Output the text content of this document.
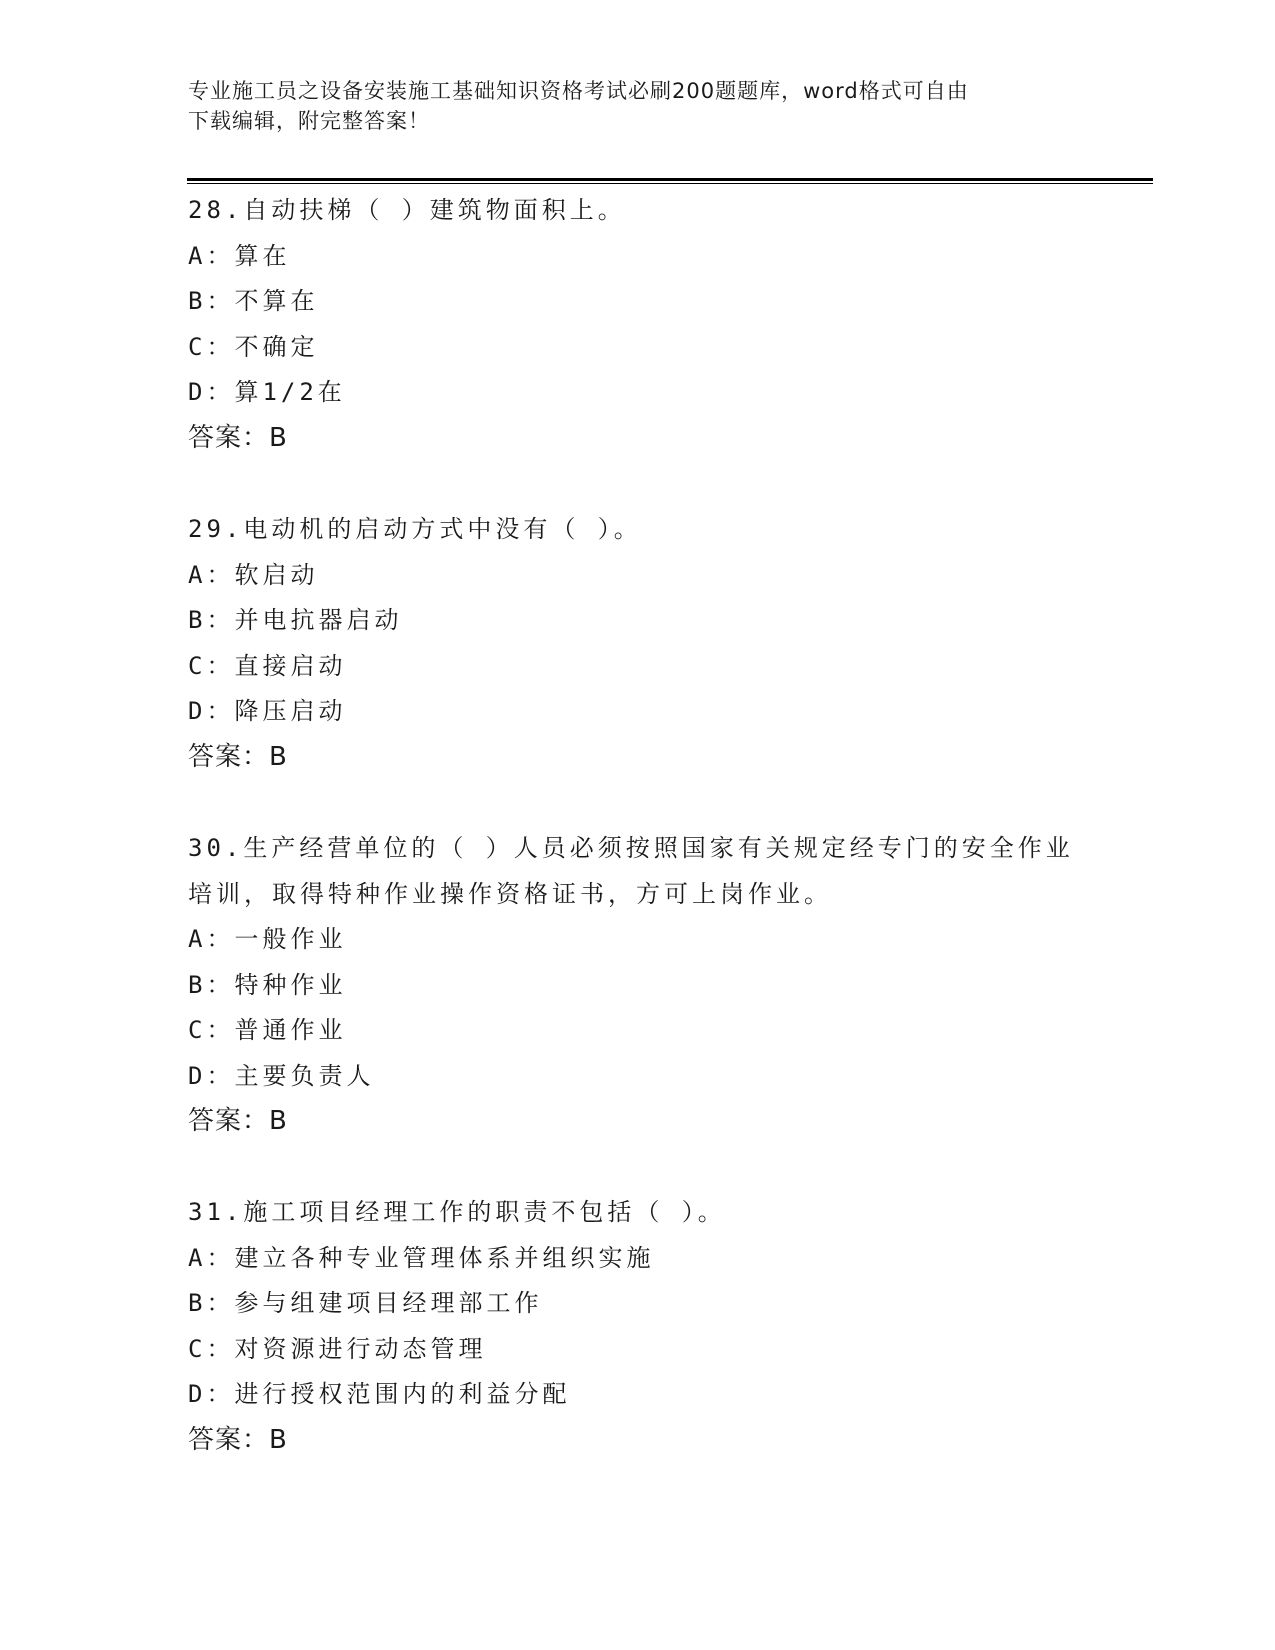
专业施工员之设备安装施工基础知识资格考试必刷200题题库，word格式可自由
下载编辑，附完整答案！
28.自动扶梯（ ）建筑物面积上。
A：算在
B：不算在
C：不确定
D：算1/2在
答案：B
29.电动机的启动方式中没有（ ）。
A：软启动
B：并电抗器启动
C：直接启动
D：降压启动
答案：B
30.生产经营单位的（ ）人员必须按照国家有关规定经专门的安全作业培训，取得特种作业操作资格证书，方可上岗作业。
A：一般作业
B：特种作业
C：普通作业
D：主要负责人
答案：B
31.施工项目经理工作的职责不包括（ ）。
A：建立各种专业管理体系并组织实施
B：参与组建项目经理部工作
C：对资源进行动态管理
D：进行授权范围内的利益分配
答案：B
